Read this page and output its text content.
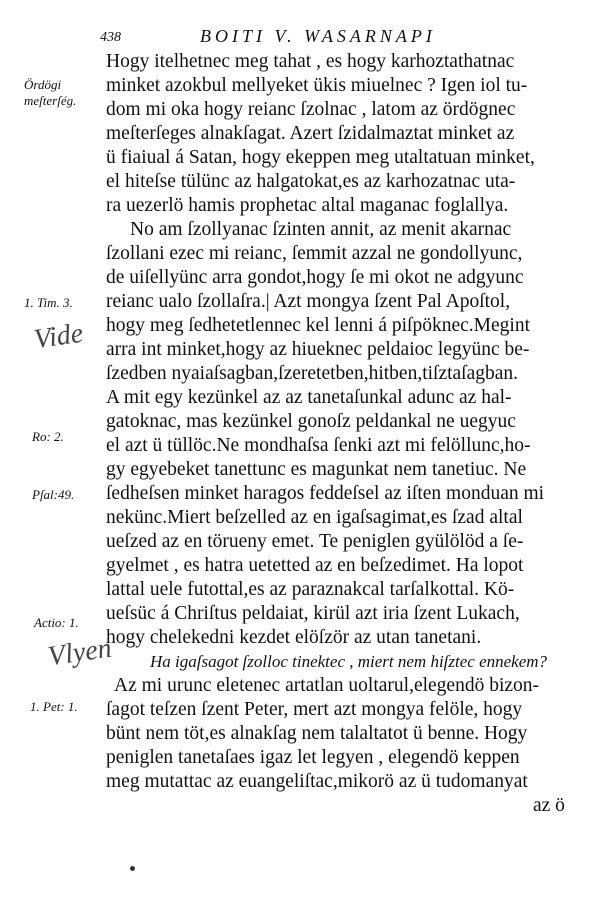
438	BOITI V. WASARNAPI
Hogy itelhetnec meg tahat , es hogy karhoztathatnac
minket azokbul mellyeket ükis miuelnec ? Igen iol tu-
dom mi oka hogy reianc ſzolnac , latom az ördögnec
meſterſeges alnakſagat. Azert ſzidalmaztat minket az
ü fiaiual á Satan, hogy ekeppen meg utaltatuan minket,
el hiteſse tülünc az halgatokat,es az karhozatnac uta-
ra uezerlö hamis prophetac altal maganac foglallya.
No am ſzollyanac ſzinten annit, az menit akarnac
ſzollani ezec mi reianc, ſemmit azzal ne gondollyunc,
de uiſellyünc arra gondot,hogy ſe mi okot ne adgyunc
reianc ualo ſzollaſra.| Azt mongya ſzent Pal Apoſtol,
hogy meg ſedhetetlennec kel lenni á piſpöknec.Megint
arra int minket,hogy az hiueknec peldaioc legyünc be-
ſzedben nyaiaſsagban,ſzeretetben,hitben,tiſztaſagban.
A mit egy kezünkel az az tanetaſunkal adunc az hal-
gatoknac, mas kezünkel gonoſz peldankal ne uegyuc
el azt ü tüllöc.Ne mondhaſsa ſenki azt mi felöllunc,ho-
gy egyebeket tanettunc es magunkat nem tanetiuc. Ne
ſedheſsen minket haragos feddeſsel az iſten monduan mi
nekünc.Miert beſzelled az en igaſsagimat,es ſzad altal
ueſzed az en törueny emet. Te peniglen gyülölöd a ſe-
gyelmet , es hatra uetetted az en beſzedimet. Ha lopot
lattal uele futottal,es az paraznakcal tarſalkottal. Kö-
ueſsüc á Chriſtus peldaiat, kirül azt iria ſzent Lukach,
hogy chelekedni kezdet elöſzör az utan tanetani.
Ha igaſsagot ſzolloc tinektec , miert nem hiſztec ennekem?
Az mi urunc eletenec artatlan uoltarul,elegendö bizon-
ſagot teſzen ſzent Peter, mert azt mongya felöle, hogy
bünt nem töt,es alnakſag nem talaltatot ü benne. Hogy
peniglen tanetaſaes igaz let legyen , elegendö keppen
meg mutattac az euangeliſtac,mikorö az ü tudomanyat
az ö
Ördögi
meſterſég.
1. Tim. 3.
Vide
Ro: 2.
Pſal:49.
Actio: 1.
Vlyen
1. Pet: 1.
